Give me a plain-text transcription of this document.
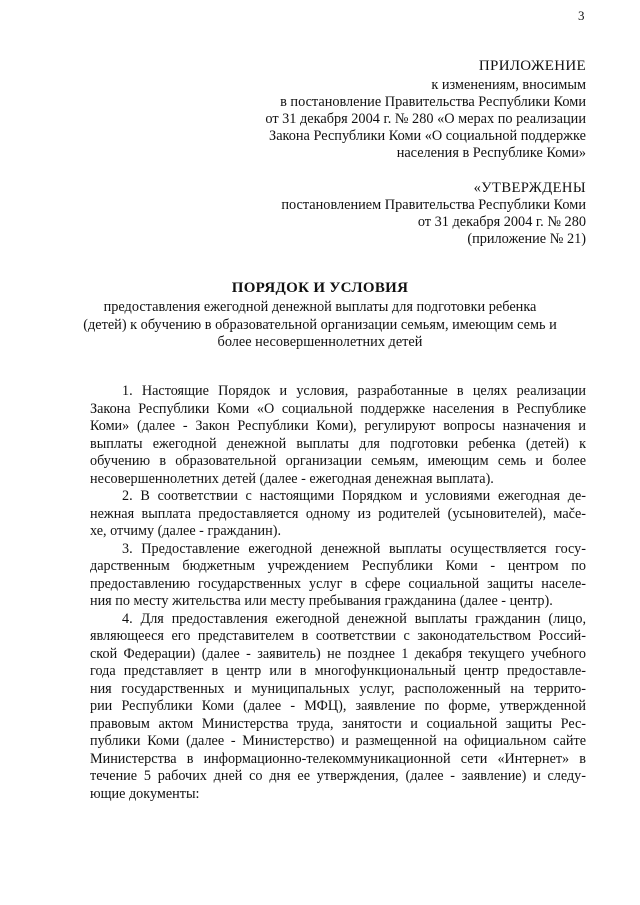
3
ПРИЛОЖЕНИЕ
к изменениям, вносимым
в постановление Правительства Республики Коми
от 31 декабря 2004 г. № 280 «О мерах по реализации
Закона Республики Коми «О социальной поддержке
населения в Республике Коми»
«УТВЕРЖДЕНЫ
постановлением Правительства Республики Коми
от 31 декабря 2004 г. № 280
(приложение № 21)
ПОРЯДОК И УСЛОВИЯ
предоставления ежегодной денежной выплаты для подготовки ребенка
(детей) к обучению в образовательной организации семьям, имеющим семь и
более несовершеннолетних детей
1. Настоящие Порядок и условия, разработанные в целях реализации
Закона Республики Коми «О социальной поддержке населения в Республике
Коми» (далее - Закон Республики Коми), регулируют вопросы назначения и
выплаты ежегодной денежной выплаты для подготовки ребенка (детей) к
обучению в образовательной организации семьям, имеющим семь и более
несовершеннолетних детей (далее - ежегодная денежная выплата).
2. В соответствии с настоящими Порядком и условиями ежегодная де-
нежная выплата предоставляется одному из родителей (усыновителей), мače-
хе, отчиму (далее - гражданин).
3. Предоставление ежегодной денежной выплаты осуществляется госу-
дарственным бюджетным учреждением Республики Коми - центром по
предоставлению государственных услуг в сфере социальной защиты населе-
ния по месту жительства или месту пребывания гражданина (далее - центр).
4. Для предоставления ежегодной денежной выплаты гражданин (лицо,
являющееся его представителем в соответствии с законодательством Россий-
ской Федерации) (далее - заявитель) не позднее 1 декабря текущего учебного
года представляет в центр или в многофункциональный центр предоставле-
ния государственных и муниципальных услуг, расположенный на террито-
рии Республики Коми (далее - МФЦ), заявление по форме, утвержденной
правовым актом Министерства труда, занятости и социальной защиты Рес-
публики Коми (далее - Министерство) и размещенной на официальном сайте
Министерства в информационно-телекоммуникационной сети «Интернет» в
течение 5 рабочих дней со дня ее утверждения, (далее - заявление) и следу-
ющие документы:
